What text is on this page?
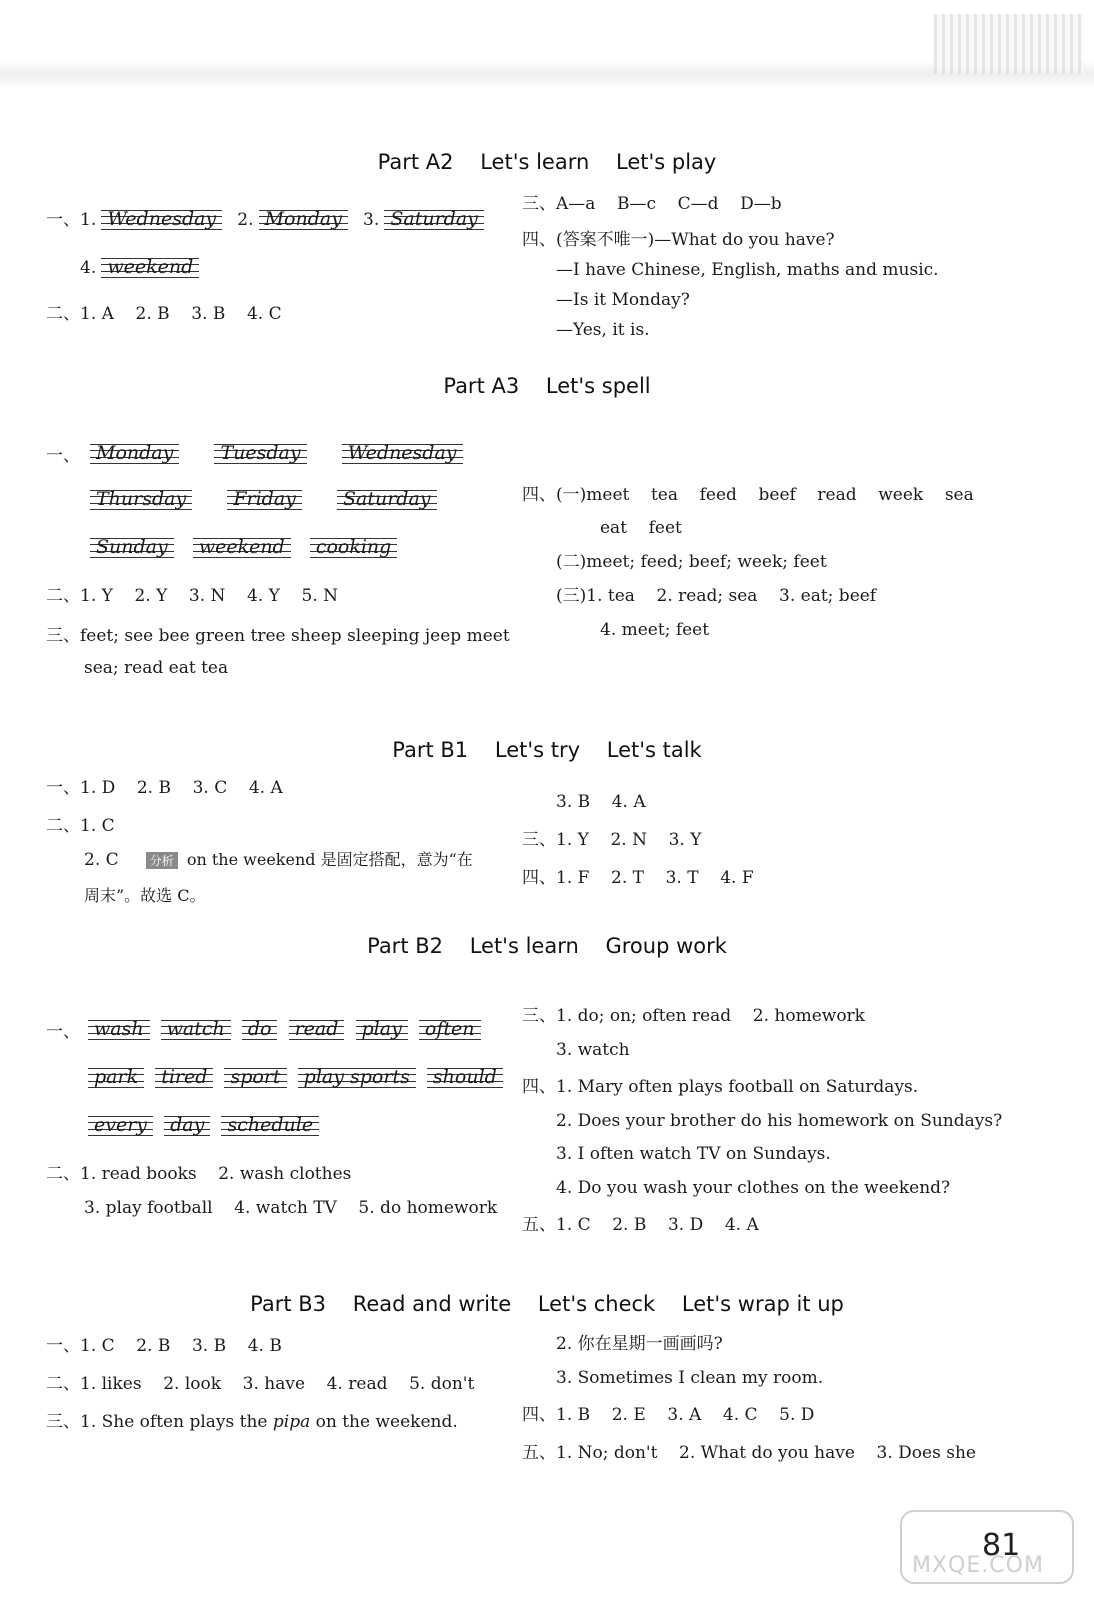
Part A2    Let's learn    Let's play
一、1. Wednesday 2. Monday 3. Saturday
4. weekend
二、1. A    2. B    3. B    4. C
三、A—a    B—c    C—d    D—b
四、(答案不唯一)—What do you have?
—I have Chinese, English, maths and music.
—Is it Monday?
—Yes, it is.
Part A3    Let's spell
一、 Monday Tuesday Wednesday
Thursday Friday Saturday
Sunday weekend cooking
二、1. Y    2. Y    3. N    4. Y    5. N
三、feet; see bee green tree sheep sleeping jeep meet
sea; read eat tea
四、(一)meet    tea    feed    beef    read    week    sea
eat    feet
(二)meet; feed; beef; week; feet
(三)1. tea    2. read; sea    3. eat; beef
4. meet; feet
Part B1    Let's try    Let's talk
一、1. D    2. B    3. C    4. A
二、1. C
2. C	分析 on the weekend 是固定搭配，意为“在
周末”。故选 C。
3. B    4. A
三、1. Y    2. N    3. Y
四、1. F    2. T    3. T    4. F
Part B2    Let's learn    Group work
一、 wash watch do read play often
park tired sport play sports should
every day schedule
二、1. read books    2. wash clothes
3. play football    4. watch TV    5. do homework
三、1. do; on; often read    2. homework
3. watch
四、1. Mary often plays football on Saturdays.
2. Does your brother do his homework on Sundays?
3. I often watch TV on Sundays.
4. Do you wash your clothes on the weekend?
五、1. C    2. B    3. D    4. A
Part B3    Read and write    Let's check    Let's wrap it up
一、1. C    2. B    3. B    4. B
二、1. likes    2. look    3. have    4. read    5. don't
三、1. She often plays the pipa on the weekend.
2. 你在星期一画画吗?
3. Sometimes I clean my room.
四、1. B    2. E    3. A    4. C    5. D
五、1. No; don't    2. What do you have    3. Does she
MXQE.COM
81
